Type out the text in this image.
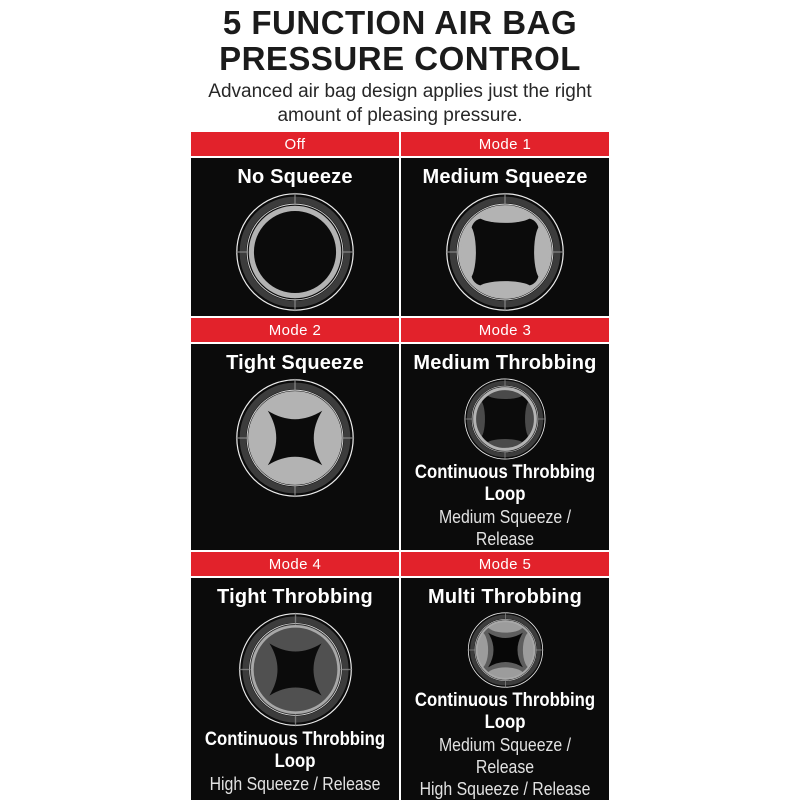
5 FUNCTION AIR BAG
PRESSURE CONTROL
Advanced air bag design applies just the right amount of pleasing pressure.
Off
No Squeeze
Mode 1
Medium Squeeze
Mode 2
Tight Squeeze
Mode 3
Medium Throbbing
Continuous Throbbing Loop
Medium Squeeze / Release
Mode 4
Tight Throbbing
Continuous Throbbing Loop
High Squeeze / Release
Mode 5
Multi Throbbing
Continuous Throbbing Loop
Medium Squeeze / Release
High Squeeze / Release
